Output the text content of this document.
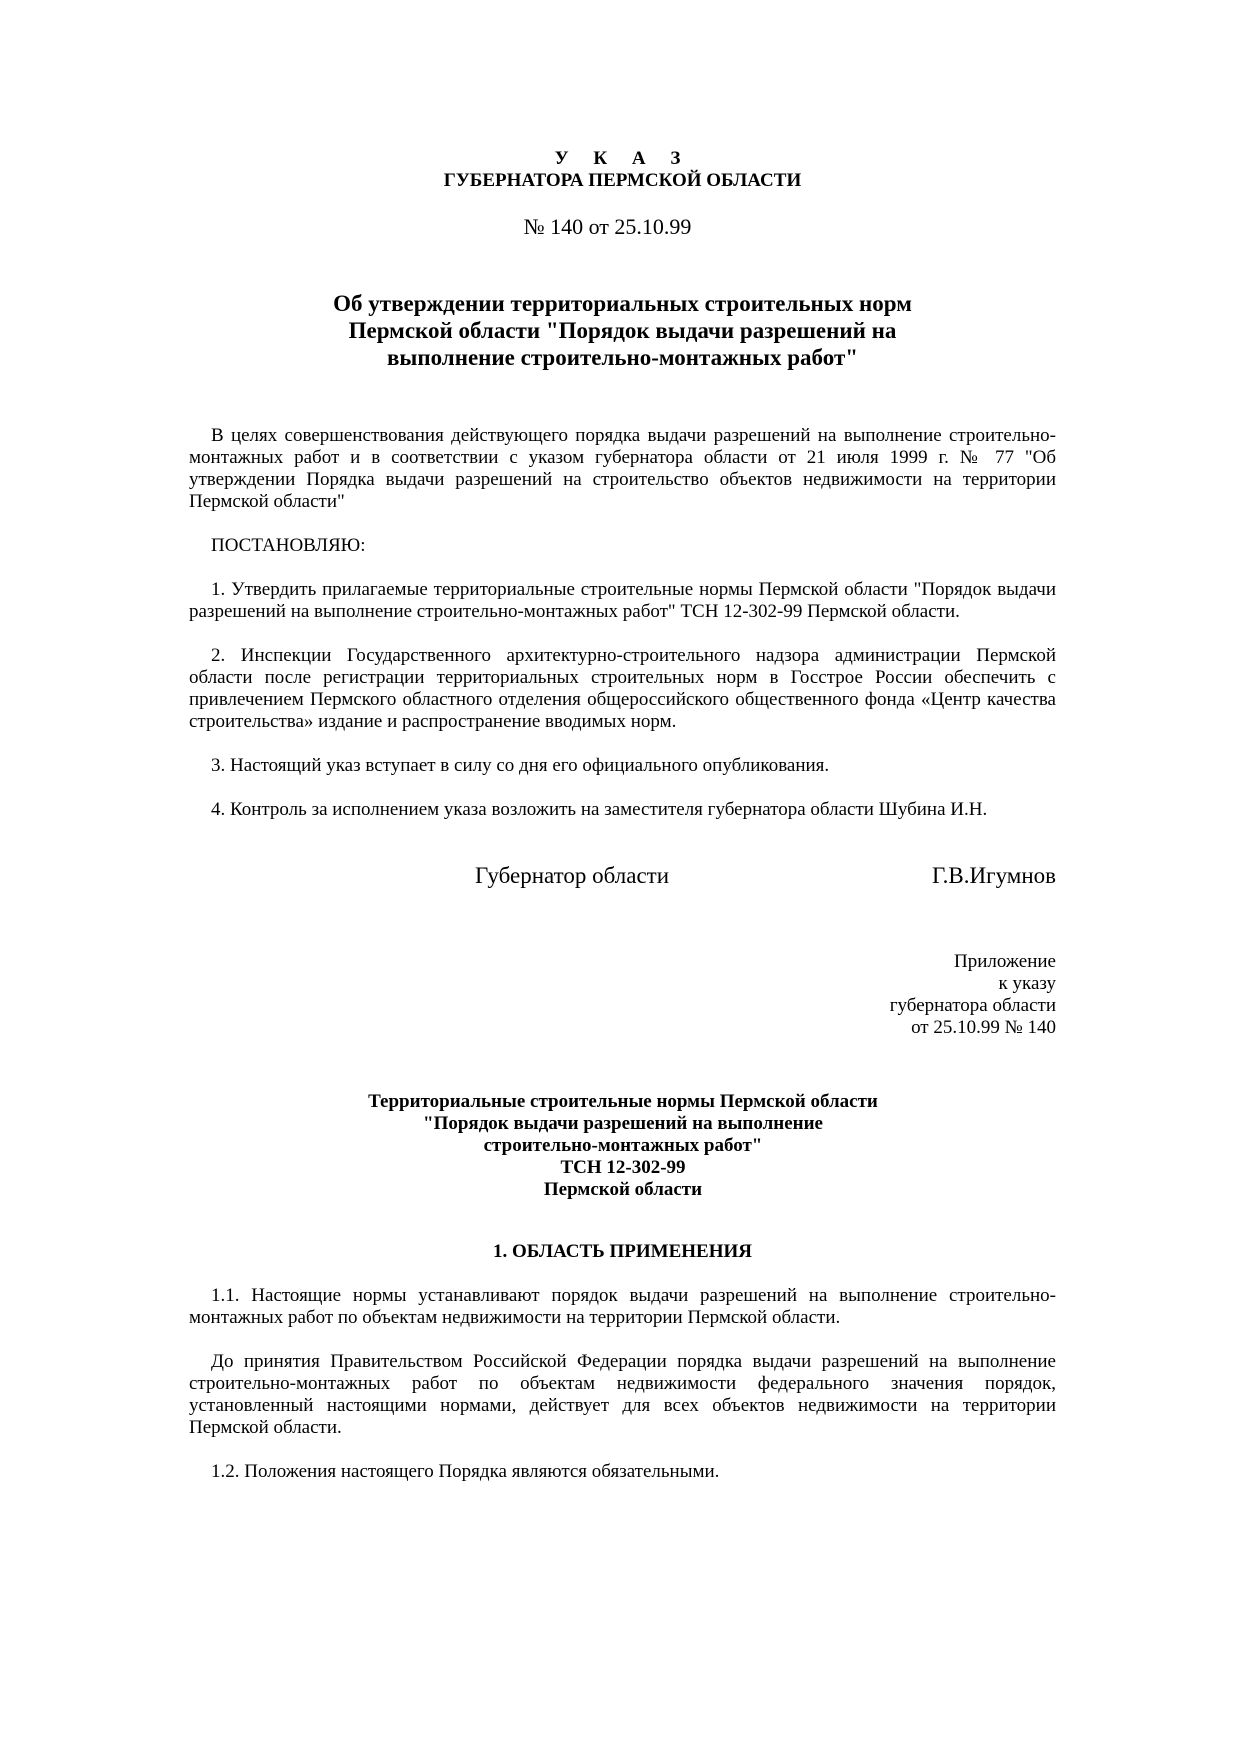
У К А З

ГУБЕРНАТОРА ПЕРМСКОЙ ОБЛАСТИ

№ 140 от 25.10.99
Об утверждении территориальных строительных норм
Пермской области "Порядок выдачи разрешений на
выполнение строительно-монтажных работ"

В целях совершенствования действующего порядка выдачи разрешений на выполнение строительно-монтажных работ и в соответствии с указом губернатора области от 21 июля 1999 г. № 77 "Об утверждении Порядка выдачи разрешений на строительство объектов недвижимости на территории Пермской области"

ПОСТАНОВЛЯЮ:

1. Утвердить прилагаемые территориальные строительные нормы Пермской области "Порядок выдачи разрешений на выполнение строительно-монтажных работ" ТСН 12-302-99 Пермской области.

2. Инспекции Государственного архитектурно-строительного надзора администрации Пермской области после регистрации территориальных строительных норм в Госстрое России обеспечить с привлечением Пермского областного отделения общероссийского общественного фонда «Центр качества строительства» издание и распространение вводимых норм.

3. Настоящий указ вступает в силу со дня его официального опубликования.

4. Контроль за исполнением указа возложить на заместителя губернатора области Шубина И.Н.

Губернатор области	Г.В.Игумнов
Приложение
к указу
губернатора области
от 25.10.99 № 140
Территориальные строительные нормы Пермской области
"Порядок выдачи разрешений на выполнение
строительно-монтажных работ"
ТСН 12-302-99
Пермской области
1. ОБЛАСТЬ ПРИМЕНЕНИЯ

1.1. Настоящие нормы устанавливают порядок выдачи разрешений на выполнение строительно-монтажных работ по объектам недвижимости на территории Пермской области.

До принятия Правительством Российской Федерации порядка выдачи разрешений на выполнение строительно-монтажных работ по объектам недвижимости федерального значения порядок, установленный настоящими нормами, действует для всех объектов недвижимости на территории Пермской области.

1.2. Положения настоящего Порядка являются обязательными.
